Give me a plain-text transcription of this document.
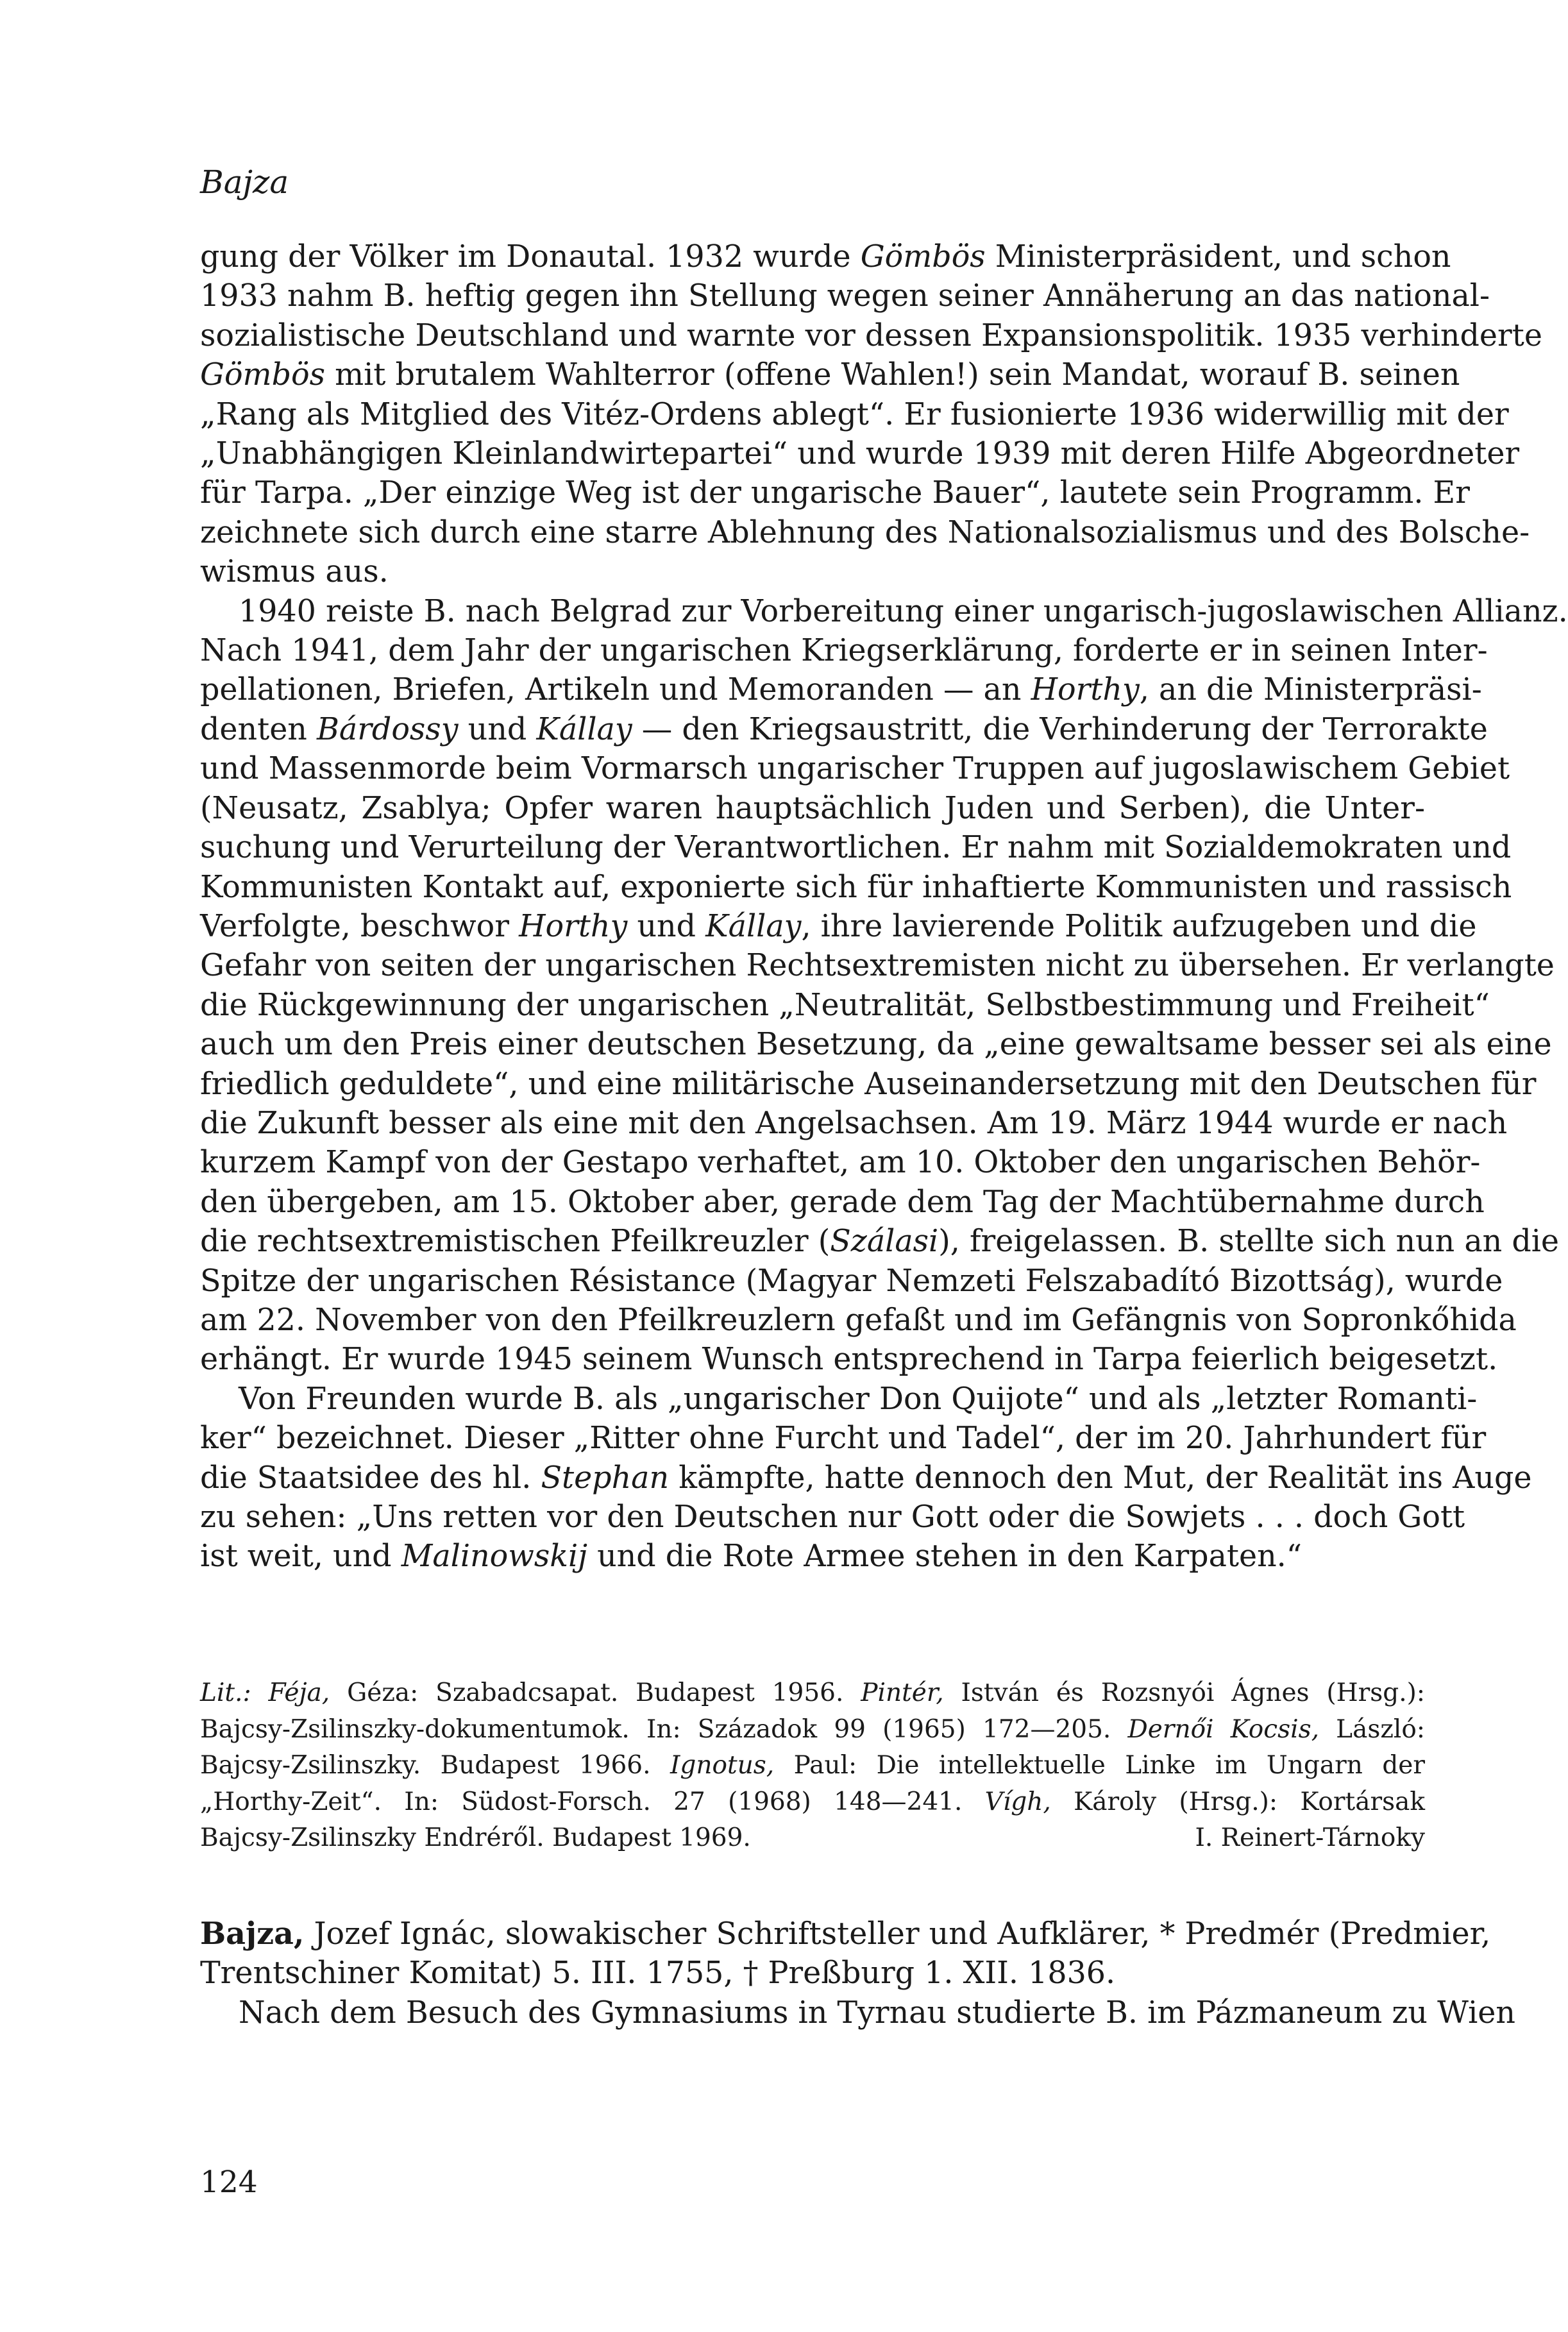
Bajza
gung der Völker im Donautal. 1932 wurde Gömbös Ministerpräsident, und schon
1933 nahm B. heftig gegen ihn Stellung wegen seiner Annäherung an das national-
sozialistische Deutschland und warnte vor dessen Expansionspolitik. 1935 verhinderte
Gömbös mit brutalem Wahlterror (offene Wahlen!) sein Mandat, worauf B. seinen
„Rang als Mitglied des Vitéz-Ordens ablegt“. Er fusionierte 1936 widerwillig mit der
„Unabhängigen Kleinlandwirtepartei“ und wurde 1939 mit deren Hilfe Abgeordneter
für Tarpa. „Der einzige Weg ist der ungarische Bauer“, lautete sein Programm. Er
zeichnete sich durch eine starre Ablehnung des Nationalsozialismus und des Bolsche-
wismus aus.
1940 reiste B. nach Belgrad zur Vorbereitung einer ungarisch-jugoslawischen Allianz.
Nach 1941, dem Jahr der ungarischen Kriegserklärung, forderte er in seinen Inter-
pellationen, Briefen, Artikeln und Memoranden — an Horthy, an die Ministerpräsi-
denten Bárdossy und Kállay — den Kriegsaustritt, die Verhinderung der Terrorakte
und Massenmorde beim Vormarsch ungarischer Truppen auf jugoslawischem Gebiet
(Neusatz, Zsablya; Opfer waren hauptsächlich Juden und Serben), die Unter-
suchung und Verurteilung der Verantwortlichen. Er nahm mit Sozialdemokraten und
Kommunisten Kontakt auf, exponierte sich für inhaftierte Kommunisten und rassisch
Verfolgte, beschwor Horthy und Kállay, ihre lavierende Politik aufzugeben und die
Gefahr von seiten der ungarischen Rechtsextremisten nicht zu übersehen. Er verlangte
die Rückgewinnung der ungarischen „Neutralität, Selbstbestimmung und Freiheit“
auch um den Preis einer deutschen Besetzung, da „eine gewaltsame besser sei als eine
friedlich geduldete“, und eine militärische Auseinandersetzung mit den Deutschen für
die Zukunft besser als eine mit den Angelsachsen. Am 19. März 1944 wurde er nach
kurzem Kampf von der Gestapo verhaftet, am 10. Oktober den ungarischen Behör-
den übergeben, am 15. Oktober aber, gerade dem Tag der Machtübernahme durch
die rechtsextremistischen Pfeilkreuzler (Szálasi), freigelassen. B. stellte sich nun an die
Spitze der ungarischen Résistance (Magyar Nemzeti Felszabadító Bizottság), wurde
am 22. November von den Pfeilkreuzlern gefaßt und im Gefängnis von Sopronkőhida
erhängt. Er wurde 1945 seinem Wunsch entsprechend in Tarpa feierlich beigesetzt.
Von Freunden wurde B. als „ungarischer Don Quijote“ und als „letzter Romanti-
ker“ bezeichnet. Dieser „Ritter ohne Furcht und Tadel“, der im 20. Jahrhundert für
die Staatsidee des hl. Stephan kämpfte, hatte dennoch den Mut, der Realität ins Auge
zu sehen: „Uns retten vor den Deutschen nur Gott oder die Sowjets . . . doch Gott
ist weit, und Malinowskij und die Rote Armee stehen in den Karpaten.“
Lit.: Féja, Géza: Szabadcsapat. Budapest 1956. Pintér, István és Rozsnyói Ágnes (Hrsg.):
Bajcsy-Zsilinszky-dokumentumok. In: Századok 99 (1965) 172—205. Dernői Kocsis, László:
Bajcsy-Zsilinszky. Budapest 1966. Ignotus, Paul: Die intellektuelle Linke im Ungarn der
„Horthy-Zeit“. In: Südost-Forsch. 27 (1968) 148—241. Vígh, Károly (Hrsg.): Kortársak
Bajcsy-Zsilinszky Endréről. Budapest 1969.	I. Reinert-Tárnoky
Bajza, Jozef Ignác, slowakischer Schriftsteller und Aufklärer, * Predmér (Predmier,
Trentschiner Komitat) 5. III. 1755, † Preßburg 1. XII. 1836.
Nach dem Besuch des Gymnasiums in Tyrnau studierte B. im Pázmaneum zu Wien
124
